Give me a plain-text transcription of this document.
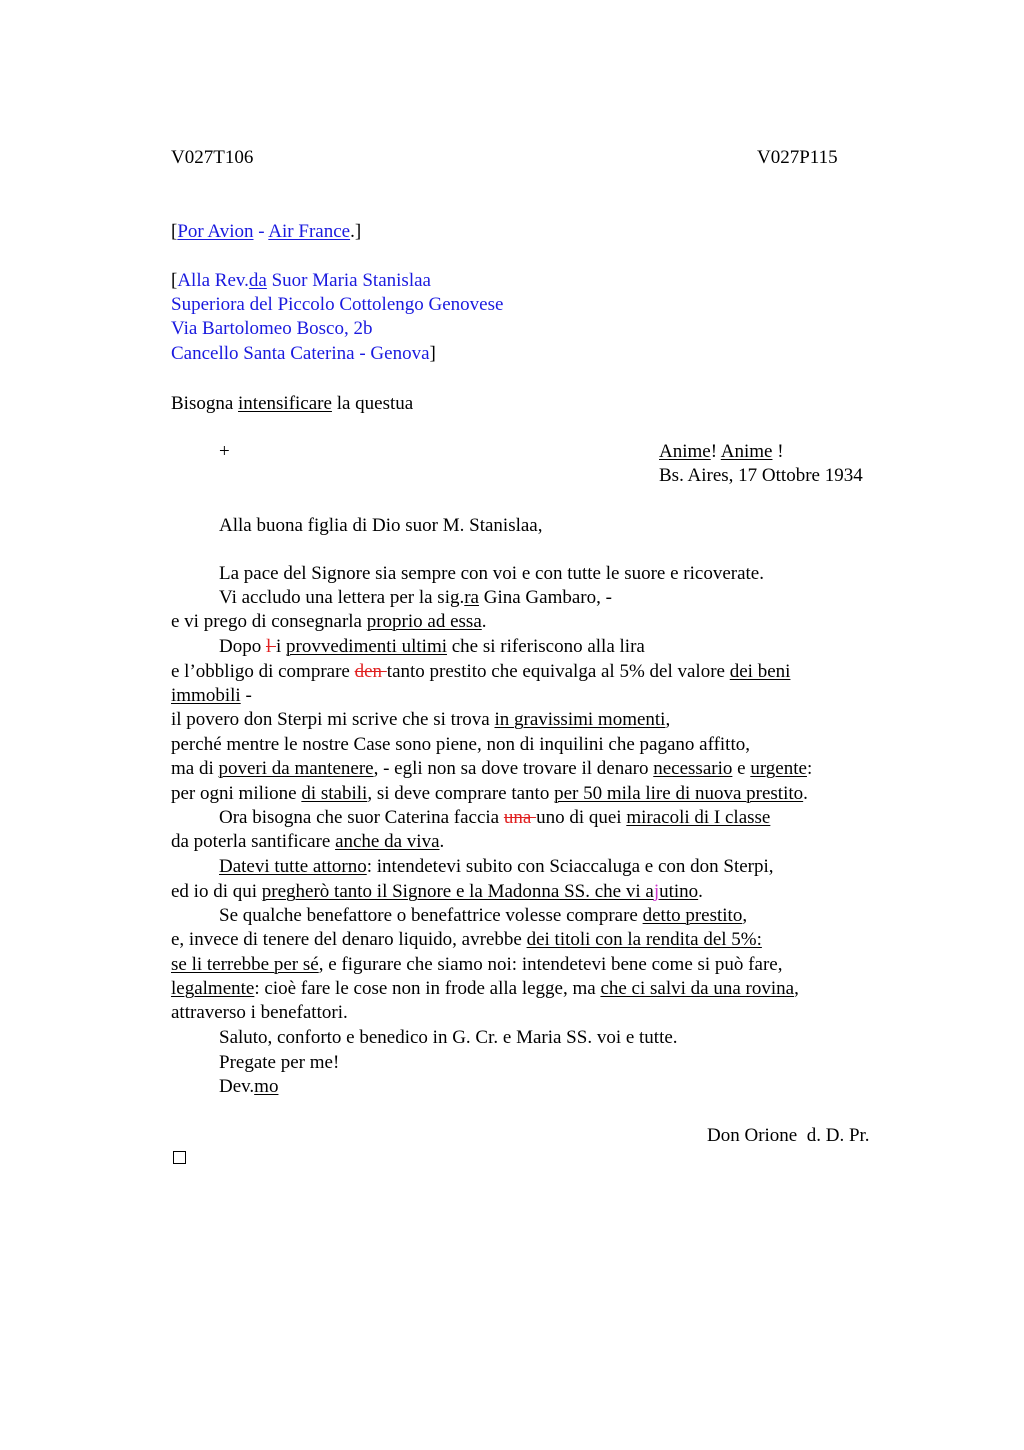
V027T106	V027P115
[Por Avion - Air France.]
[Alla Rev.da Suor Maria Stanislaa
Superiora del Piccolo Cottolengo Genovese
Via Bartolomeo Bosco, 2b
Cancello Santa Caterina - Genova]
Bisogna intensificare la questua
+	Anime! Anime !
Bs. Aires, 17 Ottobre 1934
Alla buona figlia di Dio suor M. Stanislaa,
La pace del Signore sia sempre con voi e con tutte le suore e ricoverate.
Vi accludo una lettera per la sig.ra Gina Gambaro, -
e vi prego di consegnarla proprio ad essa.
Dopo l i provvedimenti ultimi che si riferiscono alla lira
e l’obbligo di comprare den tanto prestito che equivalga al 5% del valore dei beni
immobili -
il povero don Sterpi mi scrive che si trova in gravissimi momenti,
perché mentre le nostre Case sono piene, non di inquilini che pagano affitto,
ma di poveri da mantenere, - egli non sa dove trovare il denaro necessario e urgente:
per ogni milione di stabili, si deve comprare tanto per 50 mila lire di nuova prestito.
Ora bisogna che suor Caterina faccia una uno di quei miracoli di I classe
da poterla santificare anche da viva.
Datevi tutte attorno: intendetevi subito con Sciaccaluga e con don Sterpi,
ed io di qui pregherò tanto il Signore e la Madonna SS. che vi ajutino.
Se qualche benefattore o benefattrice volesse comprare detto prestito,
e, invece di tenere del denaro liquido, avrebbe dei titoli con la rendita del 5%:
se li terrebbe per sé, e figurare che siamo noi: intendetevi bene come si può fare,
legalmente: cioè fare le cose non in frode alla legge, ma che ci salvi da una rovina,
attraverso i benefattori.
Saluto, conforto e benedico in G. Cr. e Maria SS. voi e tutte.
Pregate per me!
Dev.mo
Don Orione  d. D. Pr.
